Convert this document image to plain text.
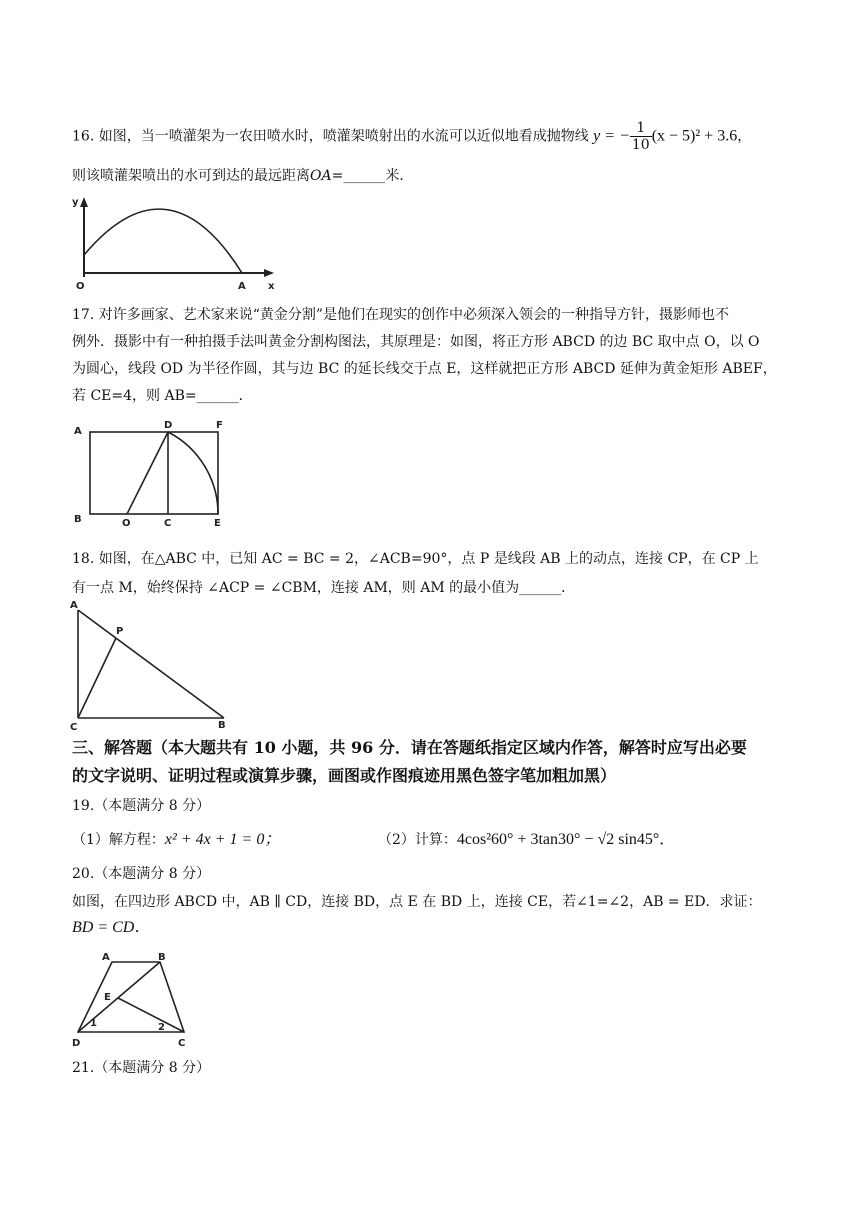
16. 如图，当一喷灌架为一农田喷水时，喷灌架喷射出的水流可以近似地看成抛物线 y = − $\frac{1}{10} (x - 5)^2 + 3.6$，
则该喷灌架喷出的水可到达的最远距离OA=______米．
y
x
O	A
17. 对许多画家、艺术家来说“黄金分割”是他们在现实的创作中必须深入领会的一种指导方针，摄影师也不
例外．摄影中有一种拍摄手法叫黄金分割构图法，其原理是：如图，将正方形 ABCD 的边 BC 取中点 O，以 O
为圆心，线段 OD 为半径作圆，其与边 BC 的延长线交于点 E，这样就把正方形 ABCD 延伸为黄金矩形 ABEF，
若 CE=4，则 AB=______．
A
D	F
B	O	C	E
18. 如图，在△ABC 中，已知 AC = BC = 2，∠ACB=90°，点 P 是线段 AB 上的动点，连接 CP，在 CP 上
有一点 M，始终保持 ∠ACP = ∠CBM，连接 AM，则 AM 的最小值为______．
A
P
C	B
三、解答题（本大题共有 10 小题，共 96 分．请在答题纸指定区域内作答，解答时应写出必要
的文字说明、证明过程或演算步骤，画图或作图痕迹用黑色签字笔加粗加黑）
19.（本题满分 8 分）
（1）解方程：x² + 4x + 1 = 0；	（2）计算：4cos²60° + 3tan30° − √2 sin45°．
20.（本题满分 8 分）
如图，在四边形 ABCD 中，AB ∥ CD，连接 BD，点 E 在 BD 上，连接 CE，若∠1=∠2，AB = ED．求证：
BD = CD．
A	B
E
1	2
D	C
21.（本题满分 8 分）
